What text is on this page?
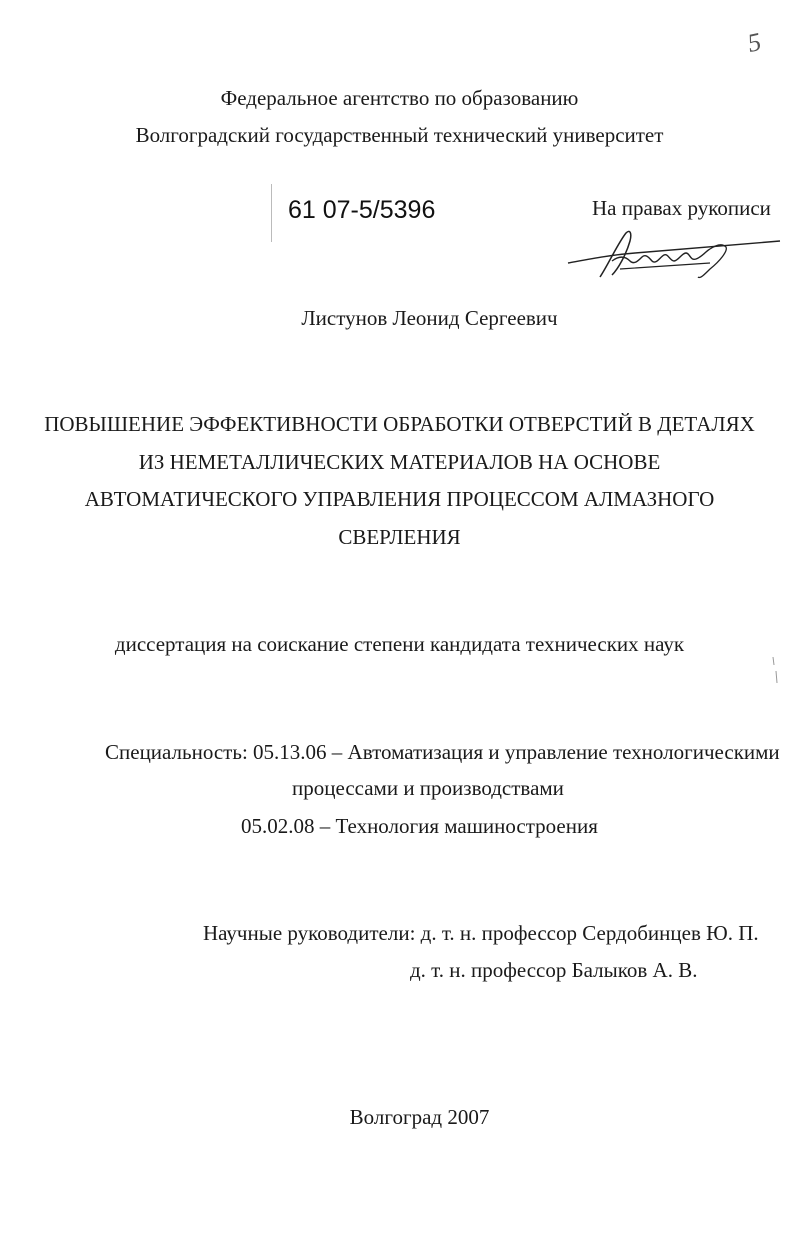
5
Федеральное агентство по образованию
Волгоградский государственный технический университет
61 07-5/5396	На правах рукописи
Листунов Леонид Сергеевич
ПОВЫШЕНИЕ ЭФФЕКТИВНОСТИ ОБРАБОТКИ ОТВЕРСТИЙ В ДЕТАЛЯХ
ИЗ НЕМЕТАЛЛИЧЕСКИХ МАТЕРИАЛОВ НА ОСНОВЕ
АВТОМАТИЧЕСКОГО УПРАВЛЕНИЯ ПРОЦЕССОМ АЛМАЗНОГО
СВЕРЛЕНИЯ
диссертация на соискание степени кандидата технических наук
Специальность: 05.13.06 – Автоматизация и управление технологическими
процессами и производствами
05.02.08 – Технология машиностроения
Научные руководители: д. т. н. профессор Сердобинцев Ю. П.
д. т. н. профессор Балыков А. В.
Волгоград 2007
